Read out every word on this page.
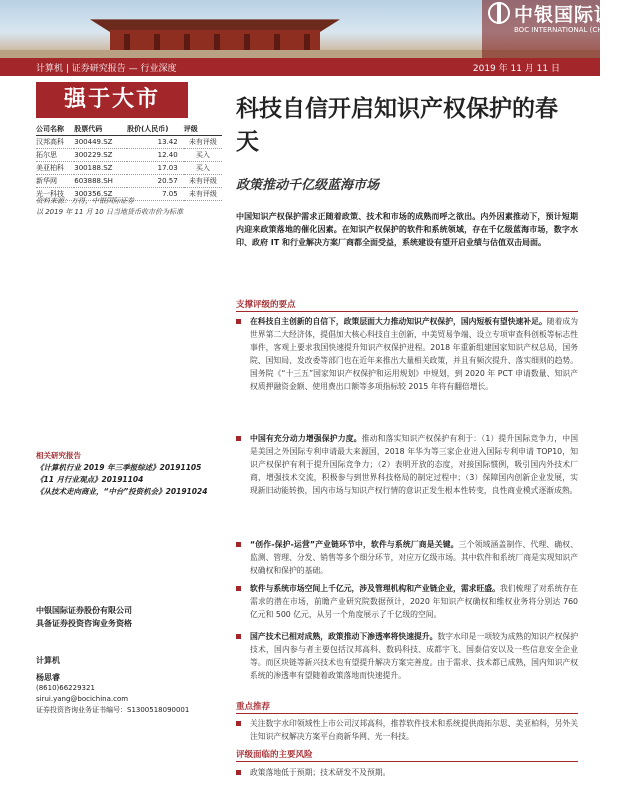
中银国际证券
BOC INTERNATIONAL (CHINA)
计算机 | 证券研究报告 — 行业深度	2019 年 11 月 11 日
强于大市
公司名称	股票代码	股价(人民币)	评级
汉邦高科	300449.SZ	13.42	未有评级
拓尔思	300229.SZ	12.40	买入
美亚柏科	300188.SZ	17.03	买入
新华网	603888.SH	20.57	未有评级
光一科技	300356.SZ	7.05	未有评级
资料来源：万得，中银国际证券
以 2019 年 11 月 10 日当地货币收市价为标准
相关研究报告
《计算机行业 2019 年三季报综述》20191105
《11 月行业观点》20191104
《从技术走向商业，“中台”投资机会》20191024
中银国际证券股份有限公司
具备证券投资咨询业务资格
计算机
杨思睿
(8610)66229321
sirui.yang@bocichina.com
证券投资咨询业务证书编号：S1300518090001
科技自信开启知识产权保护的春天
政策推动千亿级蓝海市场
中国知识产权保护需求正随着政策、技术和市场的成熟而呼之欲出。内外因素推动下，预计短期内迎来政策落地的催化因素。在知识产权保护的软件和系统领域，存在千亿级蓝海市场，数字水印、政府 IT 和行业解决方案厂商都全面受益，系统建设有望开启业绩与估值双击局面。
支撑评级的要点
在科技自主创新的自信下，政策层面大力推动知识产权保护，国内短板有望快速补足。随着成为世界第二大经济体，提倡加大核心科技自主创新，中美贸易争端、设立专项审查科创板等标志性事件，客观上要求我国快速提升知识产权保护进程。2018 年重新组建国家知识产权总局，国务院、国知局、发改委等部门也在近年来推出大量相关政策，并且有频次提升、落实细则的趋势。国务院《“十三五”国家知识产权保护和运用规划》中规划，到 2020 年 PCT 申请数量、知识产权质押融资金额、使用费出口额等多项指标较 2015 年将有翻倍增长。
中国有充分动力增强保护力度。推动和落实知识产权保护有利于：（1）提升国际竞争力，中国是美国之外国际专利申请最大来源国，2018 年华为等三家企业进入国际专利申请 TOP10，知识产权保护有利于提升国际竞争力；（2）表明开放的态度，对接国际惯例，吸引国内外技术厂商，增强技术交流，积极参与到世界科技格局的制定过程中；（3）保障国内创新企业发展，实现新旧动能转换，国内市场与知识产权行情的意识正发生根本性转变，良性商业模式逐渐成熟。
“创作-保护-运营”产业链环节中，软件与系统厂商是关键。三个领域涵盖制作、代理、确权、监测、管理、分发、销售等多个细分环节，对应万亿级市场。其中软件和系统厂商是实现知识产权确权和保护的基础。
软件与系统市场空间上千亿元，涉及管理机构和产业链企业，需求旺盛。我们梳理了对系统存在需求的潜在市场，前瞻产业研究院数据预计，2020 年知识产权确权和维权业务将分别达 760 亿元和 500 亿元，从另一个角度展示了千亿级的空间。
国产技术已相对成熟，政策推动下渗透率将快速提升。数字水印是一项较为成熟的知识产权保护技术，国内参与者主要包括汉邦高科、数码科技、成都宇飞、国泰信安以及一些信息安全企业等。而区块链等新兴技术也有望提升解决方案完善度。由于需求、技术都已成熟，国内知识产权系统的渗透率有望随着政策落地而快速提升。
重点推荐
关注数字水印领域性上市公司汉邦高科，推荐软件技术和系统提供商拓尔思、美亚柏科，另外关注知识产权解决方案平台商新华网、光一科技。
评级面临的主要风险
政策落地低于预期；技术研发不及预期。
